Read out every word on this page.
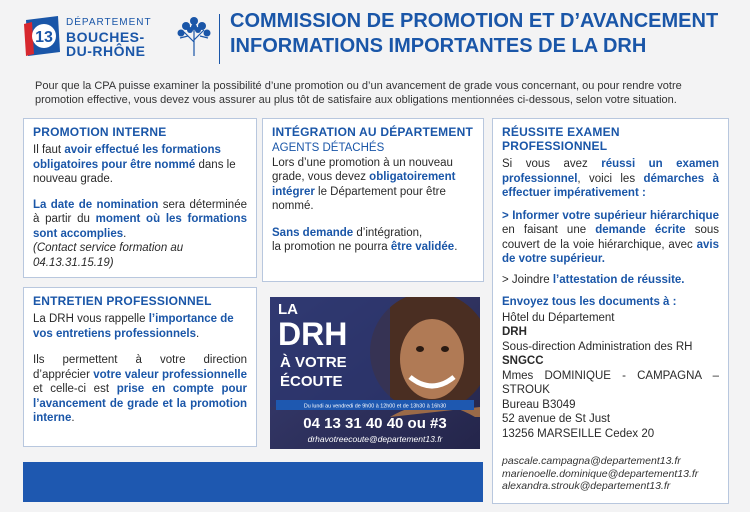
13
DÉPARTEMENT
BOUCHES-
DU-RHÔNE
COMMISSION DE PROMOTION ET D’AVANCEMENT
INFORMATIONS IMPORTANTES DE LA DRH
Pour que la CPA puisse examiner la possibilité d’une promotion ou d’un avancement de grade vous concernant, ou pour rendre votre promotion effective, vous devez vous assurer au plus tôt de satisfaire aux obligations mentionnées ci-dessous, selon votre situation.
PROMOTION INTERNE

Il faut avoir effectué les formations obligatoires pour être nommé dans le nouveau grade.

La date de nomination sera déterminée à partir du moment où les formations sont accomplies.

(Contact service formation au 04.13.31.15.19)

INTÉGRATION AU DÉPARTEMENT

AGENTS DÉTACHÉS

Lors d’une promotion à un nouveau grade, vous devez obligatoirement intégrer le Département pour être nommé.

Sans demande d’intégration,
la promotion ne pourra être validée.

LA
DRH
À VOTRE
ÉCOUTE
Du lundi au vendredi de 9h00 à 12h00 et de 13h30 à 16h30
04 13 31 40 40 ou #3
drhavotreecoute@departement13.fr
ENTRETIEN PROFESSIONNEL

La DRH vous rappelle l’importance de vos entretiens professionnels.

Ils permettent à votre direction d’apprécier votre valeur professionnelle et celle-ci est prise en compte pour l’avancement de grade et la promotion interne.

RÉUSSITE EXAMEN PROFESSIONNEL

Si vous avez réussi un examen professionnel, voici les démarches à effectuer impérativement :

> Informer votre supérieur hiérarchique en faisant une demande écrite sous couvert de la voie hiérarchique, avec avis de votre supérieur.

> Joindre l’attestation de réussite.

Envoyez tous les documents à :

Hôtel du Département

DRH

Sous-direction Administration des RH

SNGCC

Mmes DOMINIQUE - CAMPAGNA – STROUK

Bureau B3049

52 avenue de St Just

13256 MARSEILLE Cedex 20

pascale.campagna@departement13.fr
marienoelle.dominique@departement13.fr
alexandra.strouk@departement13.fr
